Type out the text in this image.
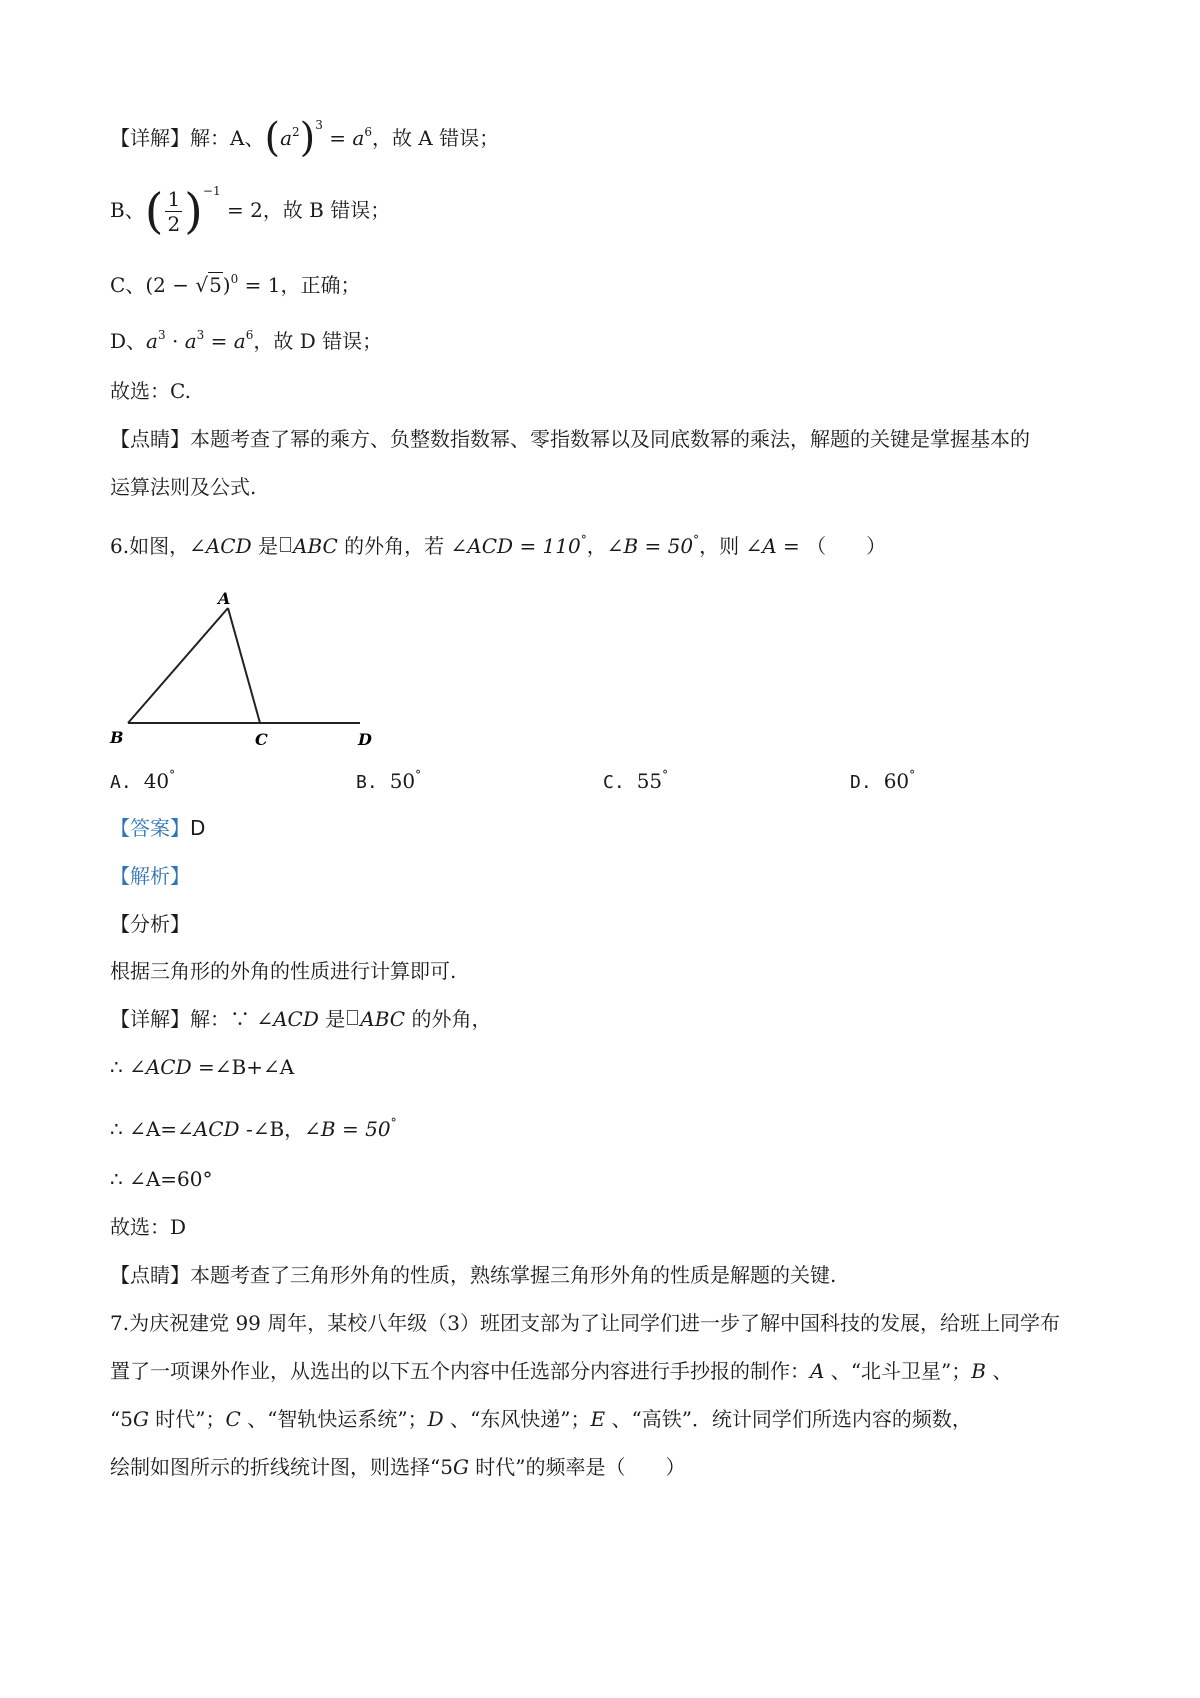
【详解】解：A、$(a^2)^3 = a^6$，故 A 错误；
B、( $\frac{1}{2} )^{-1} = 2$，故 B 错误；
C、$(2 - √5)^0 = 1$，正确；
D、$a^3 \cdot a^3 = a^6$，故 D 错误；
故选：C.
【点睛】本题考查了幂的乘方、负整数指数幂、零指数幂以及同底数幂的乘法，解题的关键是掌握基本的
运算法则及公式.
6.如图，∠ACD 是 ABC 的外角，若 ∠ACD = 110°，∠B = 50°，则 ∠A = （　　）
A
B	C	D
A. 40°	B. 50°	C. 55°	D. 60°
【答案】D
【解析】
【分析】
根据三角形的外角的性质进行计算即可.
【详解】解：∵ ∠ACD 是 ABC 的外角，
∴ ∠ACD =∠B+∠A
∴ ∠A=∠ACD -∠B，∠B = 50°
∴ ∠A=60°
故选：D
【点睛】本题考查了三角形外角的性质，熟练掌握三角形外角的性质是解题的关键.
7.为庆祝建党 99 周年，某校八年级（3）班团支部为了让同学们进一步了解中国科技的发展，给班上同学布
置了一项课外作业，从选出的以下五个内容中任选部分内容进行手抄报的制作：A 、“北斗卫星”；B 、
“5G 时代”；C 、“智轨快运系统”；D 、“东风快递”；E 、“高铁”．统计同学们所选内容的频数，
绘制如图所示的折线统计图，则选择“5G 时代”的频率是（　　）
